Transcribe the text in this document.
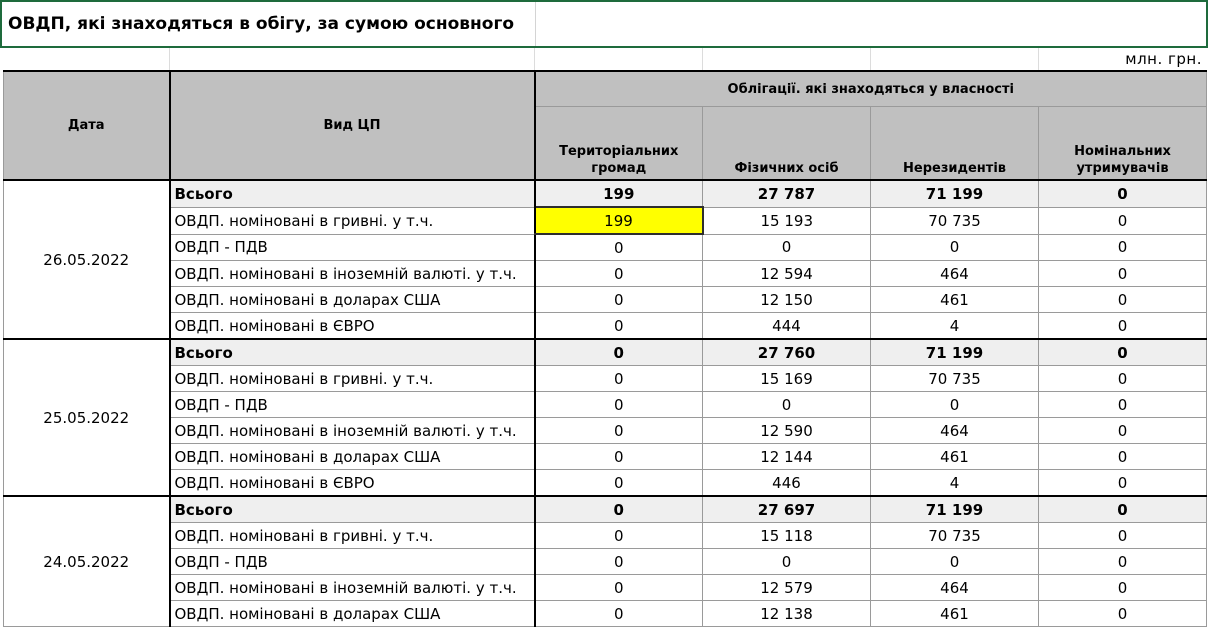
ОВДП, які знаходяться в обігу, за сумою основного
млн. грн.
Дата	Вид ЦП	Облігації. які знаходяться у власності			
		Територіальних громад	Фізичних осіб	Нерезидентів	Номінальних утримувачів
26.05.2022	Всього	199	27 787	71 199	0
	ОВДП. номіновані в гривні. у т.ч.	199	15 193	70 735	0
	ОВДП - ПДВ	0	0	0	0
	ОВДП. номіновані в іноземній валюті. у т.ч.	0	12 594	464	0
	ОВДП. номіновані в доларах США	0	12 150	461	0
	ОВДП. номіновані в ЄВРО	0	444	4	0
25.05.2022	Всього	0	27 760	71 199	0
	ОВДП. номіновані в гривні. у т.ч.	0	15 169	70 735	0
	ОВДП - ПДВ	0	0	0	0
	ОВДП. номіновані в іноземній валюті. у т.ч.	0	12 590	464	0
	ОВДП. номіновані в доларах США	0	12 144	461	0
	ОВДП. номіновані в ЄВРО	0	446	4	0
24.05.2022	Всього	0	27 697	71 199	0
	ОВДП. номіновані в гривні. у т.ч.	0	15 118	70 735	0
	ОВДП - ПДВ	0	0	0	0
	ОВДП. номіновані в іноземній валюті. у т.ч.	0	12 579	464	0
	ОВДП. номіновані в доларах США	0	12 138	461	0
